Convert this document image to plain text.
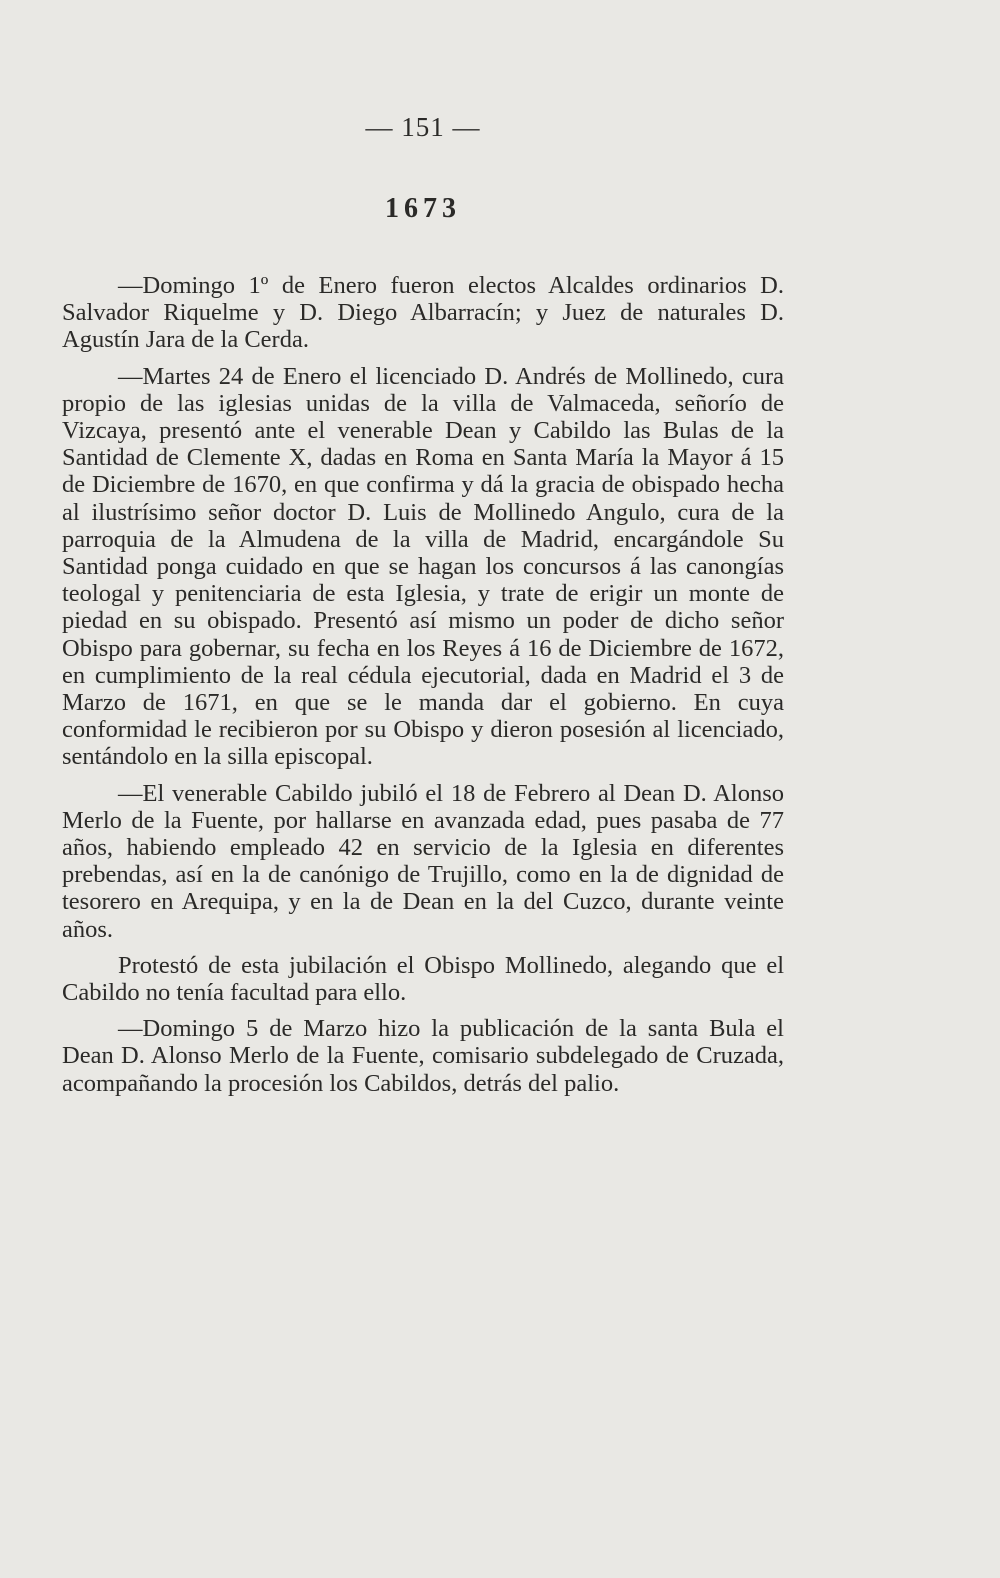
— 151 —
1673

—Domingo 1º de Enero fueron electos Alcaldes ordinarios D. Salvador Riquelme y D. Diego Albarracín; y Juez de naturales D. Agustín Jara de la Cerda.

—Martes 24 de Enero el licenciado D. Andrés de Mollinedo, cura propio de las iglesias unidas de la villa de Valmaceda, señorío de Vizcaya, presentó ante el venerable Dean y Cabildo las Bulas de la Santidad de Clemente X, dadas en Roma en Santa María la Mayor á 15 de Diciembre de 1670, en que confirma y dá la gracia de obispado hecha al ilustrísimo señor doctor D. Luis de Mollinedo Angulo, cura de la parroquia de la Almudena de la villa de Madrid, encargándole Su Santidad ponga cuidado en que se hagan los concursos á las canongías teologal y penitenciaria de esta Iglesia, y trate de erigir un monte de piedad en su obispado. Presentó así mismo un poder de dicho señor Obispo para gobernar, su fecha en los Reyes á 16 de Diciembre de 1672, en cumplimiento de la real cédula ejecutorial, dada en Madrid el 3 de Marzo de 1671, en que se le manda dar el gobierno. En cuya conformidad le recibieron por su Obispo y dieron posesión al licenciado, sentándolo en la silla episcopal.

—El venerable Cabildo jubiló el 18 de Febrero al Dean D. Alonso Merlo de la Fuente, por hallarse en avanzada edad, pues pasaba de 77 años, habiendo empleado 42 en servicio de la Iglesia en diferentes prebendas, así en la de canónigo de Trujillo, como en la de dignidad de tesorero en Arequipa, y en la de Dean en la del Cuzco, durante veinte años.

Protestó de esta jubilación el Obispo Mollinedo, alegando que el Cabildo no tenía facultad para ello.

—Domingo 5 de Marzo hizo la publicación de la santa Bula el Dean D. Alonso Merlo de la Fuente, comisario subdelegado de Cruzada, acompañando la procesión los Cabildos, detrás del palio.
